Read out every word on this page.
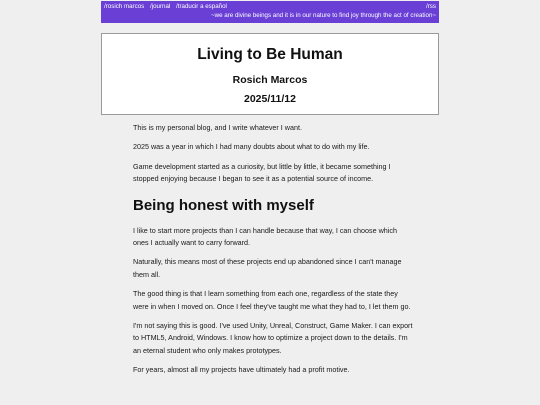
/rosich marcos /journal /traducir a español	/rss
~we are divine beings and it is in our nature to find joy through the act of creation~
Living to Be Human
Rosich Marcos
2025/11/12

This is my personal blog, and I write whatever I want.

2025 was a year in which I had many doubts about what to do with my life.

Game development started as a curiosity, but little by little, it became something I stopped enjoying because I began to see it as a potential source of income.

Being honest with myself

I like to start more projects than I can handle because that way, I can choose which ones I actually want to carry forward.

Naturally, this means most of these projects end up abandoned since I can't manage them all.

The good thing is that I learn something from each one, regardless of the state they were in when I moved on. Once I feel they've taught me what they had to, I let them go.

I'm not saying this is good. I've used Unity, Unreal, Construct, Game Maker. I can export to HTML5, Android, Windows. I know how to optimize a project down to the details. I'm an eternal student who only makes prototypes.

For years, almost all my projects have ultimately had a profit motive.
